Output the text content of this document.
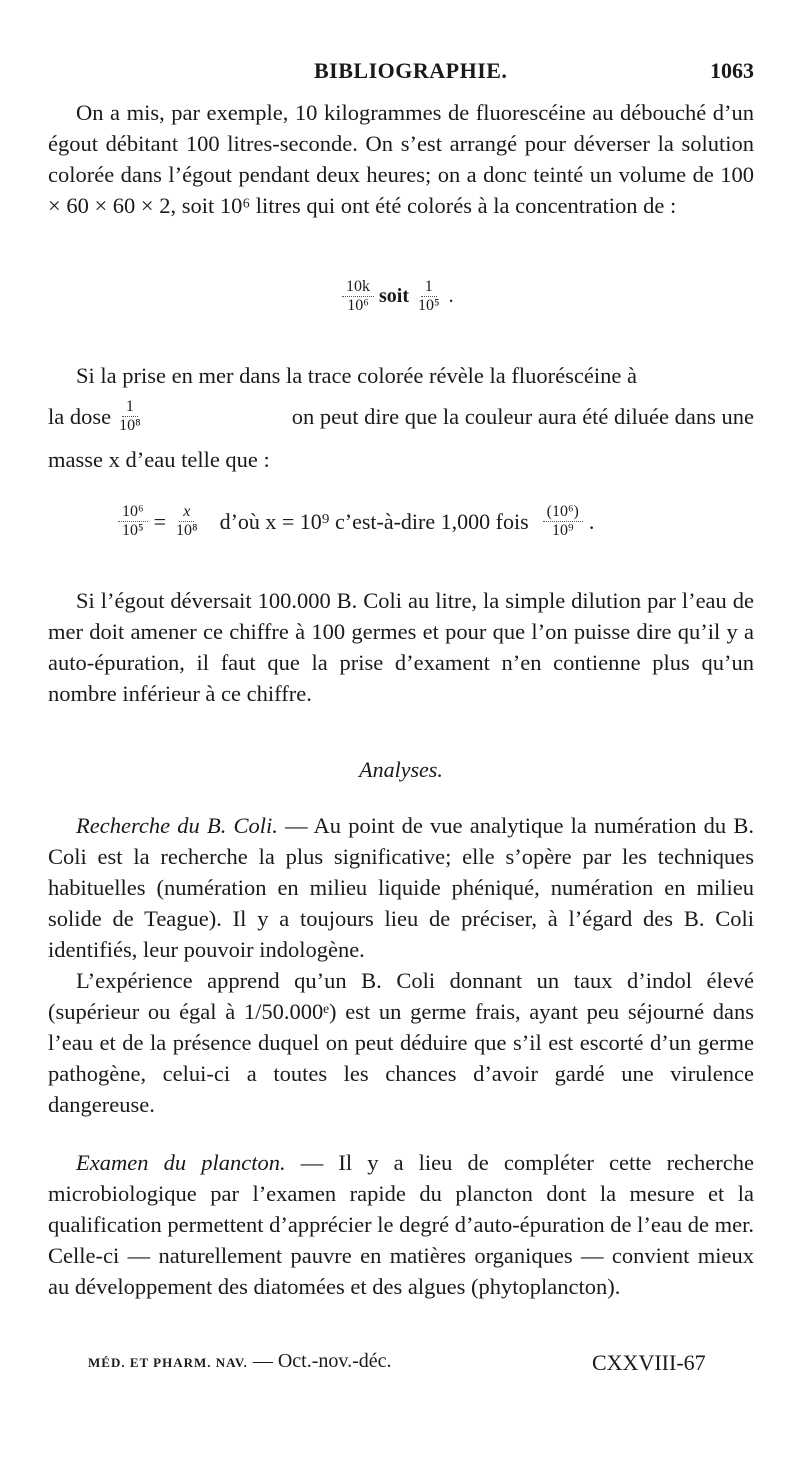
BIBLIOGRAPHIE.	1063
On a mis, par exemple, 10 kilogrammes de fluorescéine au débouché d’un égout débitant 100 litres-seconde. On s’est arrangé pour déverser la solution colorée dans l’égout pendant deux heures; on a donc teinté un volume de 100 × 60 × 60 × 2, soit 10⁶ litres qui ont été colorés à la concentration de :
$\frac{10k}{\text{10⁶}}$ soit $\frac{1}{\text{10⁵}}$ .
Si la prise en mer dans la trace colorée révèle la fluoréscéine à
la dose $\frac{1}{\text{10⁸}}$	on peut dire que la couleur aura été diluée dans une
masse x d’eau telle que :
$\frac{\text{10⁶}}{\text{10⁵}} = \frac{x}{\text{10⁸}}$ d’où x = 10⁹ c’est-à-dire 1,000 fois $\frac{\text{(10⁶)}}{\text{10⁹}}$ .
Si l’égout déversait 100.000 B. Coli au litre, la simple dilution par l’eau de mer doit amener ce chiffre à 100 germes et pour que l’on puisse dire qu’il y a auto-épuration, il faut que la prise d’exament n’en contienne plus qu’un nombre inférieur à ce chiffre.
Analyses.
Recherche du B. Coli. — Au point de vue analytique la numération du B. Coli est la recherche la plus significative; elle s’opère par les techniques habituelles (numération en milieu liquide phéniqué, numération en milieu solide de Teague). Il y a toujours lieu de préciser, à l’égard des B. Coli identifiés, leur pouvoir indologène.
L’expérience apprend qu’un B. Coli donnant un taux d’indol élevé (supérieur ou égal à 1/50.000ᵉ) est un germe frais, ayant peu séjourné dans l’eau et de la présence duquel on peut déduire que s’il est escorté d’un germe pathogène, celui-ci a toutes les chances d’avoir gardé une virulence dangereuse.
Examen du plancton. — Il y a lieu de compléter cette recherche microbiologique par l’examen rapide du plancton dont la mesure et la qualification permettent d’apprécier le degré d’auto-épuration de l’eau de mer. Celle-ci — naturellement pauvre en matières organiques — convient mieux au développement des diatomées et des algues (phytoplancton).
MÉD. ET PHARM. NAV. — Oct.-nov.-déc.	CXXVIII-67
